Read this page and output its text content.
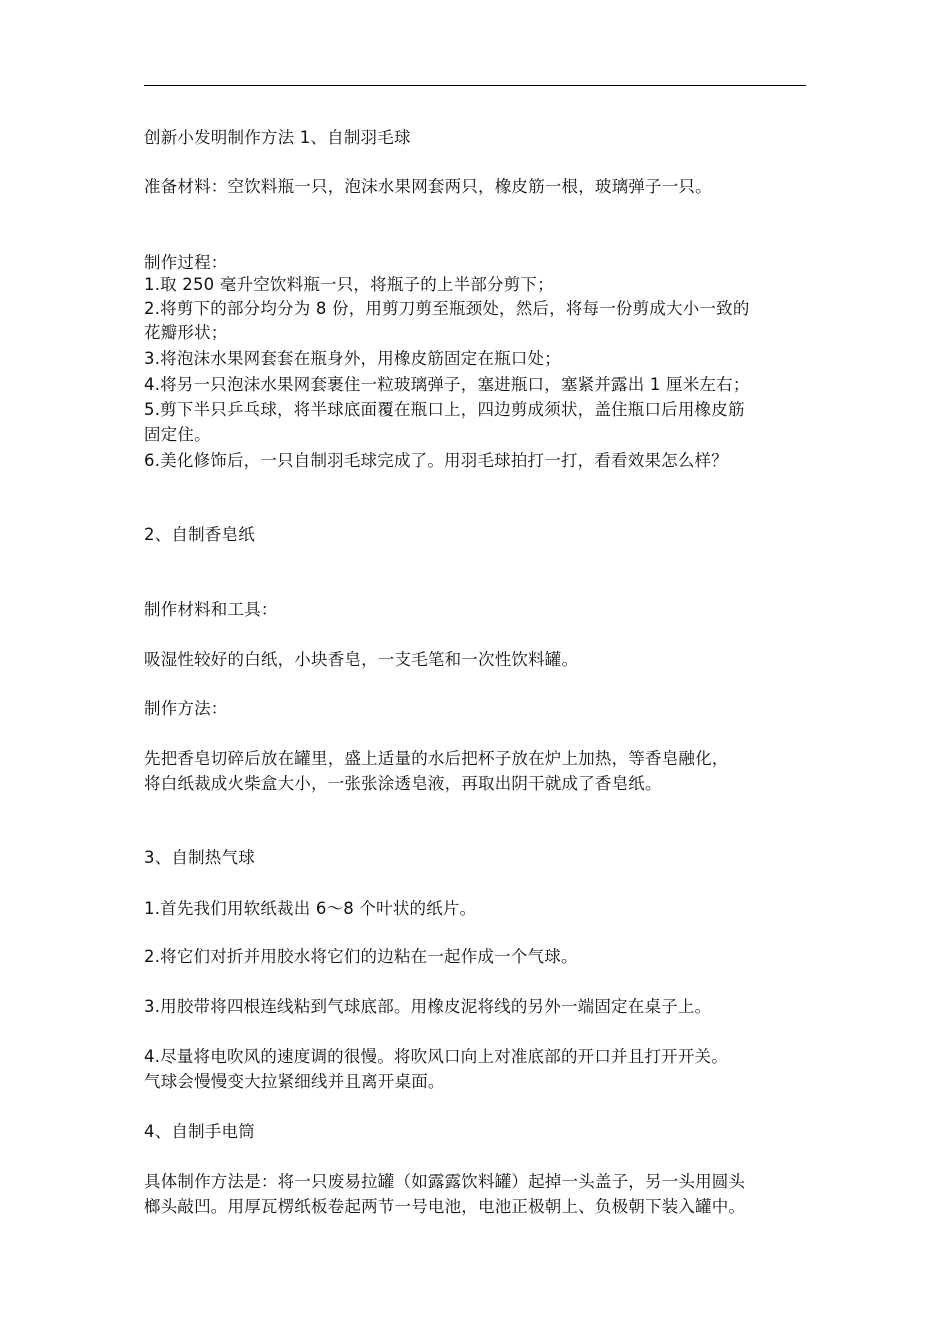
创新小发明制作方法 1、自制羽毛球
准备材料：空饮料瓶一只，泡沫水果网套两只，橡皮筋一根，玻璃弹子一只。
制作过程：
1.取 250 毫升空饮料瓶一只，将瓶子的上半部分剪下；
2.将剪下的部分均分为 8 份，用剪刀剪至瓶颈处，然后，将每一份剪成大小一致的
花瓣形状；
3.将泡沫水果网套套在瓶身外，用橡皮筋固定在瓶口处；
4.将另一只泡沫水果网套裹住一粒玻璃弹子，塞进瓶口，塞紧并露出 1 厘米左右；
5.剪下半只乒乓球，将半球底面覆在瓶口上，四边剪成须状，盖住瓶口后用橡皮筋
固定住。
6.美化修饰后，一只自制羽毛球完成了。用羽毛球拍打一打，看看效果怎么样？
2、自制香皂纸
制作材料和工具：
吸湿性较好的白纸，小块香皂，一支毛笔和一次性饮料罐。
制作方法：
先把香皂切碎后放在罐里，盛上适量的水后把杯子放在炉上加热，等香皂融化，
将白纸裁成火柴盒大小，一张张涂透皂液，再取出阴干就成了香皂纸。
3、自制热气球
1.首先我们用软纸裁出 6～8 个叶状的纸片。
2.将它们对折并用胶水将它们的边粘在一起作成一个气球。
3.用胶带将四根连线粘到气球底部。用橡皮泥将线的另外一端固定在桌子上。
4.尽量将电吹风的速度调的很慢。将吹风口向上对准底部的开口并且打开开关。
气球会慢慢变大拉紧细线并且离开桌面。
4、自制手电筒
具体制作方法是：将一只废易拉罐（如露露饮料罐）起掉一头盖子，另一头用圆头
榔头敲凹。用厚瓦楞纸板卷起两节一号电池，电池正极朝上、负极朝下装入罐中。
